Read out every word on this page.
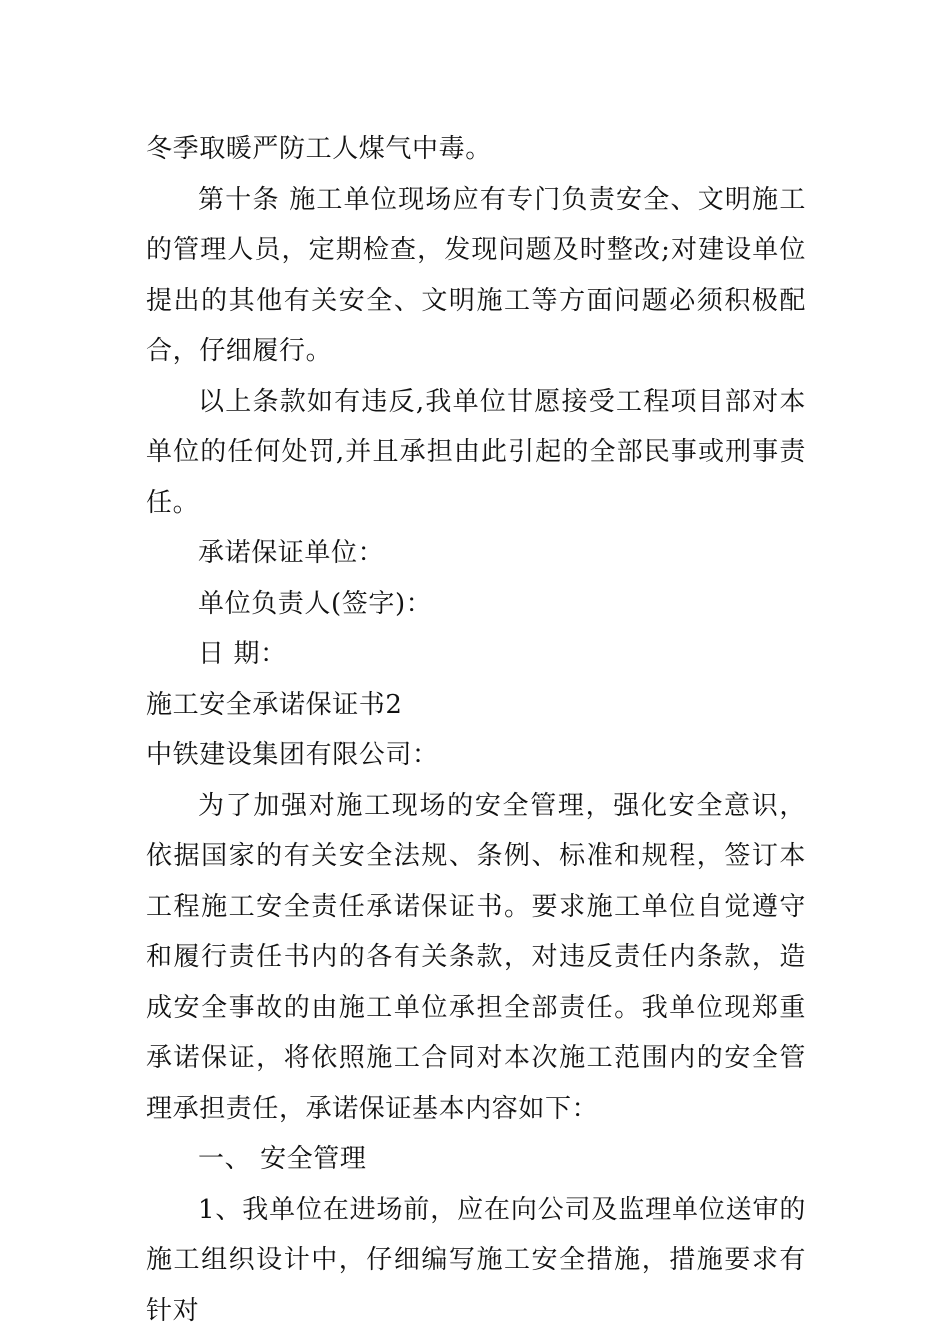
冬季取暖严防工人煤气中毒。

第十条 施工单位现场应有专门负责安全、文明施工的管理人员，定期检查，发现问题及时整改;对建设单位提出的其他有关安全、文明施工等方面问题必须积极配合，仔细履行。

以上条款如有违反,我单位甘愿接受工程项目部对本单位的任何处罚,并且承担由此引起的全部民事或刑事责任。

承诺保证单位：

单位负责人(签字)：

日 期：

施工安全承诺保证书2

中铁建设集团有限公司：

为了加强对施工现场的安全管理，强化安全意识，依据国家的有关安全法规、条例、标准和规程，签订本工程施工安全责任承诺保证书。要求施工单位自觉遵守和履行责任书内的各有关条款，对违反责任内条款，造成安全事故的由施工单位承担全部责任。我单位现郑重承诺保证，将依照施工合同对本次施工范围内的安全管理承担责任，承诺保证基本内容如下：

一、 安全管理

1、我单位在进场前，应在向公司及监理单位送审的施工组织设计中，仔细编写施工安全措施，措施要求有针对
